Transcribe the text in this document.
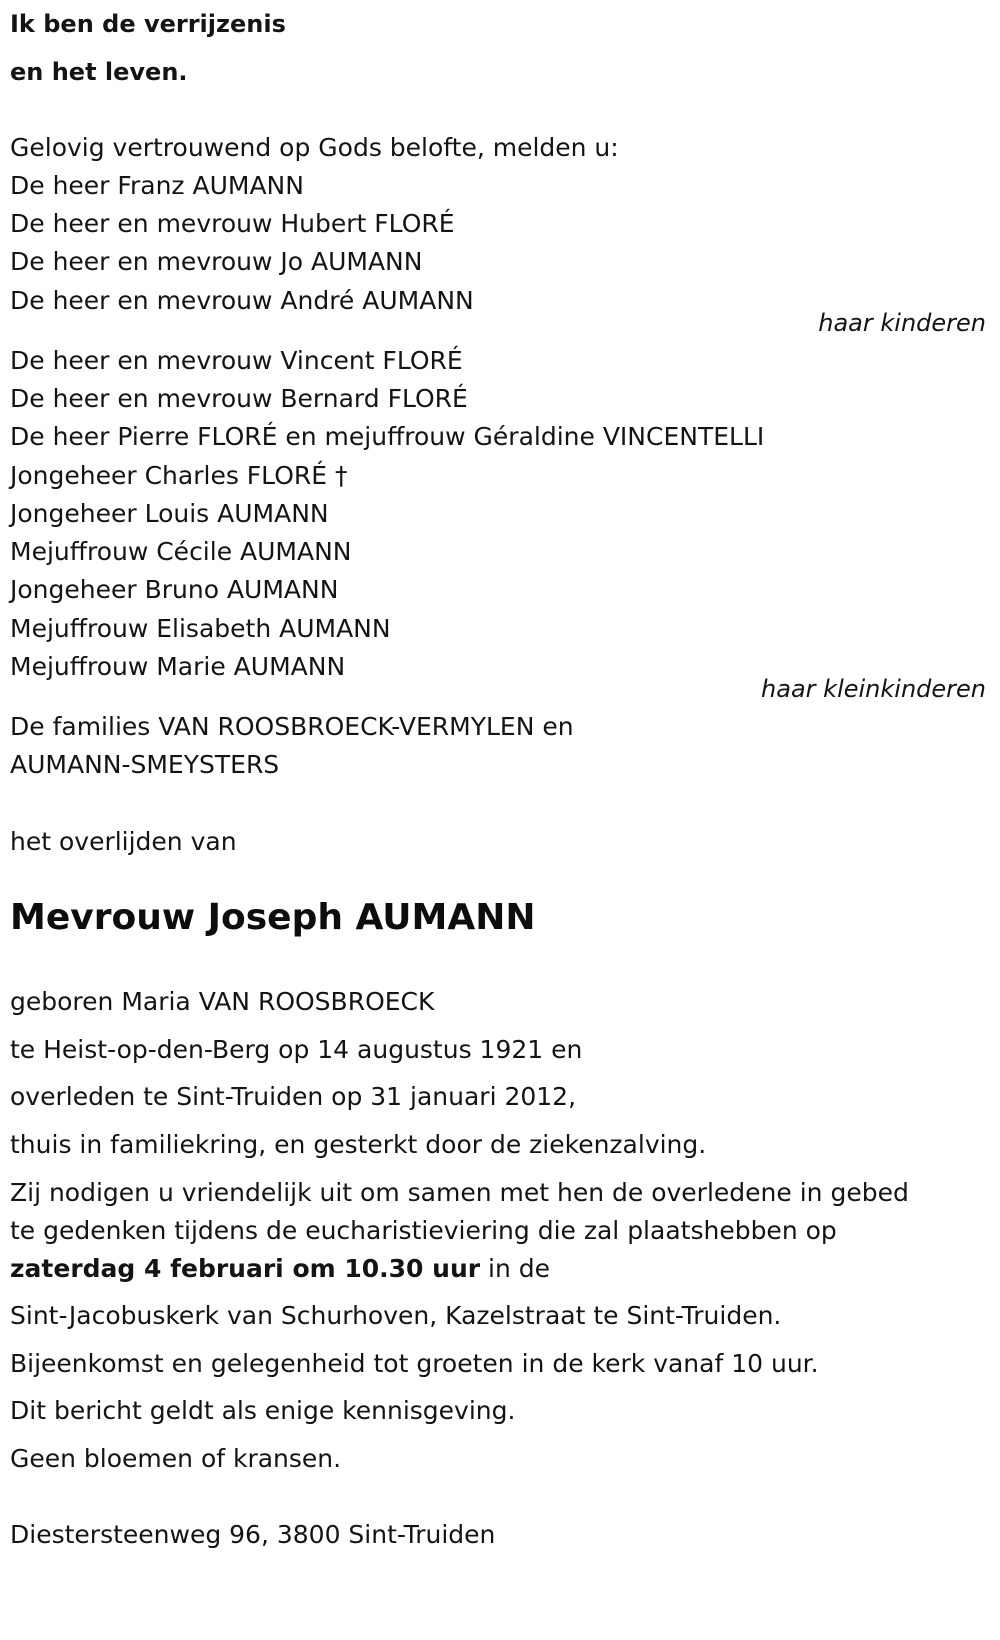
Ik ben de verrijzenis
en het leven.
Gelovig vertrouwend op Gods belofte, melden u:
De heer Franz AUMANN
De heer en mevrouw Hubert FLORÉ
De heer en mevrouw Jo AUMANN
De heer en mevrouw André AUMANN
haar kinderen
De heer en mevrouw Vincent FLORÉ
De heer en mevrouw Bernard FLORÉ
De heer Pierre FLORÉ en mejuffrouw Géraldine VINCENTELLI
Jongeheer Charles FLORÉ †
Jongeheer Louis AUMANN
Mejuffrouw Cécile AUMANN
Jongeheer Bruno AUMANN
Mejuffrouw Elisabeth AUMANN
Mejuffrouw Marie AUMANN
haar kleinkinderen
De families VAN ROOSBROECK-VERMYLEN en
AUMANN-SMEYSTERS
het overlijden van
Mevrouw Joseph AUMANN
geboren Maria VAN ROOSBROECK
te Heist-op-den-Berg op 14 augustus 1921 en
overleden te Sint-Truiden op 31 januari 2012,
thuis in familiekring, en gesterkt door de ziekenzalving.
Zij nodigen u vriendelijk uit om samen met hen de overledene in gebed
te gedenken tijdens de eucharistieviering die zal plaatshebben op
zaterdag 4 februari om 10.30 uur in de
Sint-Jacobuskerk van Schurhoven, Kazelstraat te Sint-Truiden.
Bijeenkomst en gelegenheid tot groeten in de kerk vanaf 10 uur.
Dit bericht geldt als enige kennisgeving.
Geen bloemen of kransen.
Diestersteenweg 96, 3800 Sint-Truiden
